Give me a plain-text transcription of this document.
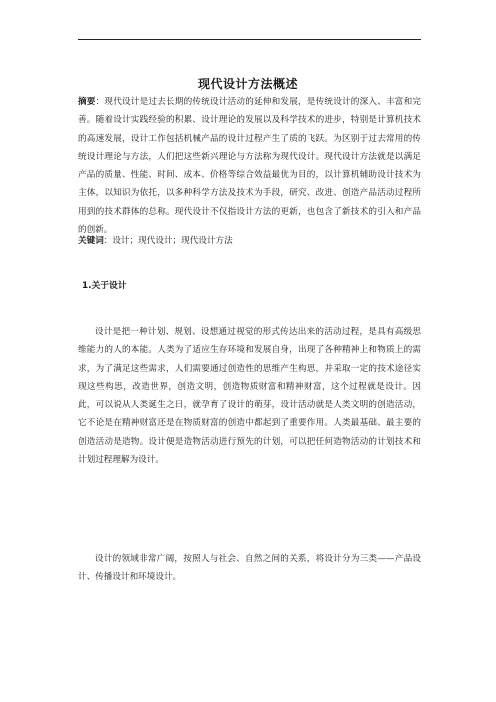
现代设计方法概述

摘要：现代设计是过去长期的传统设计活动的延伸和发展，是传统设计的深入、丰富和完善。随着设计实践经验的积累、设计理论的发展以及科学技术的进步，特别是计算机技术的高速发展，设计工作包括机械产品的设计过程产生了质的飞跃。为区别于过去常用的传统设计理论与方法，人们把这些新兴理论与方法称为现代设计。现代设计方法就是以满足产品的质量、性能、时间、成本、价格等综合效益最优为目的，以计算机辅助设计技术为主体，以知识为依托，以多种科学方法及技术为手段，研究、改进、创造产品活动过程所用到的技术群体的总称。现代设计不仅指设计方法的更新，也包含了新技术的引入和产品的创新。

关键词：设计；现代设计；现代设计方法

1.关于设计

设计是把一种计划、规划、设想通过视觉的形式传达出来的活动过程，是具有高级思维能力的人的本能。人类为了适应生存环境和发展自身，出现了各种精神上和物质上的需求，为了满足这些需求，人们需要通过创造性的思维产生构思，并采取一定的技术途径实现这些构思，改造世界，创造文明，创造物质财富和精神财富，这个过程就是设计。因此，可以说从人类诞生之日，就孕育了设计的萌芽，设计活动就是人类文明的创造活动，它不论是在精神财富还是在物质财富的创造中都起到了重要作用。人类最基础、最主要的创造活动是造物。设计便是造物活动进行预先的计划，可以把任何造物活动的计划技术和计划过程理解为设计。

设计的领域非常广阔，按照人与社会、自然之间的关系，将设计分为三类——产品设计、传播设计和环境设计。
